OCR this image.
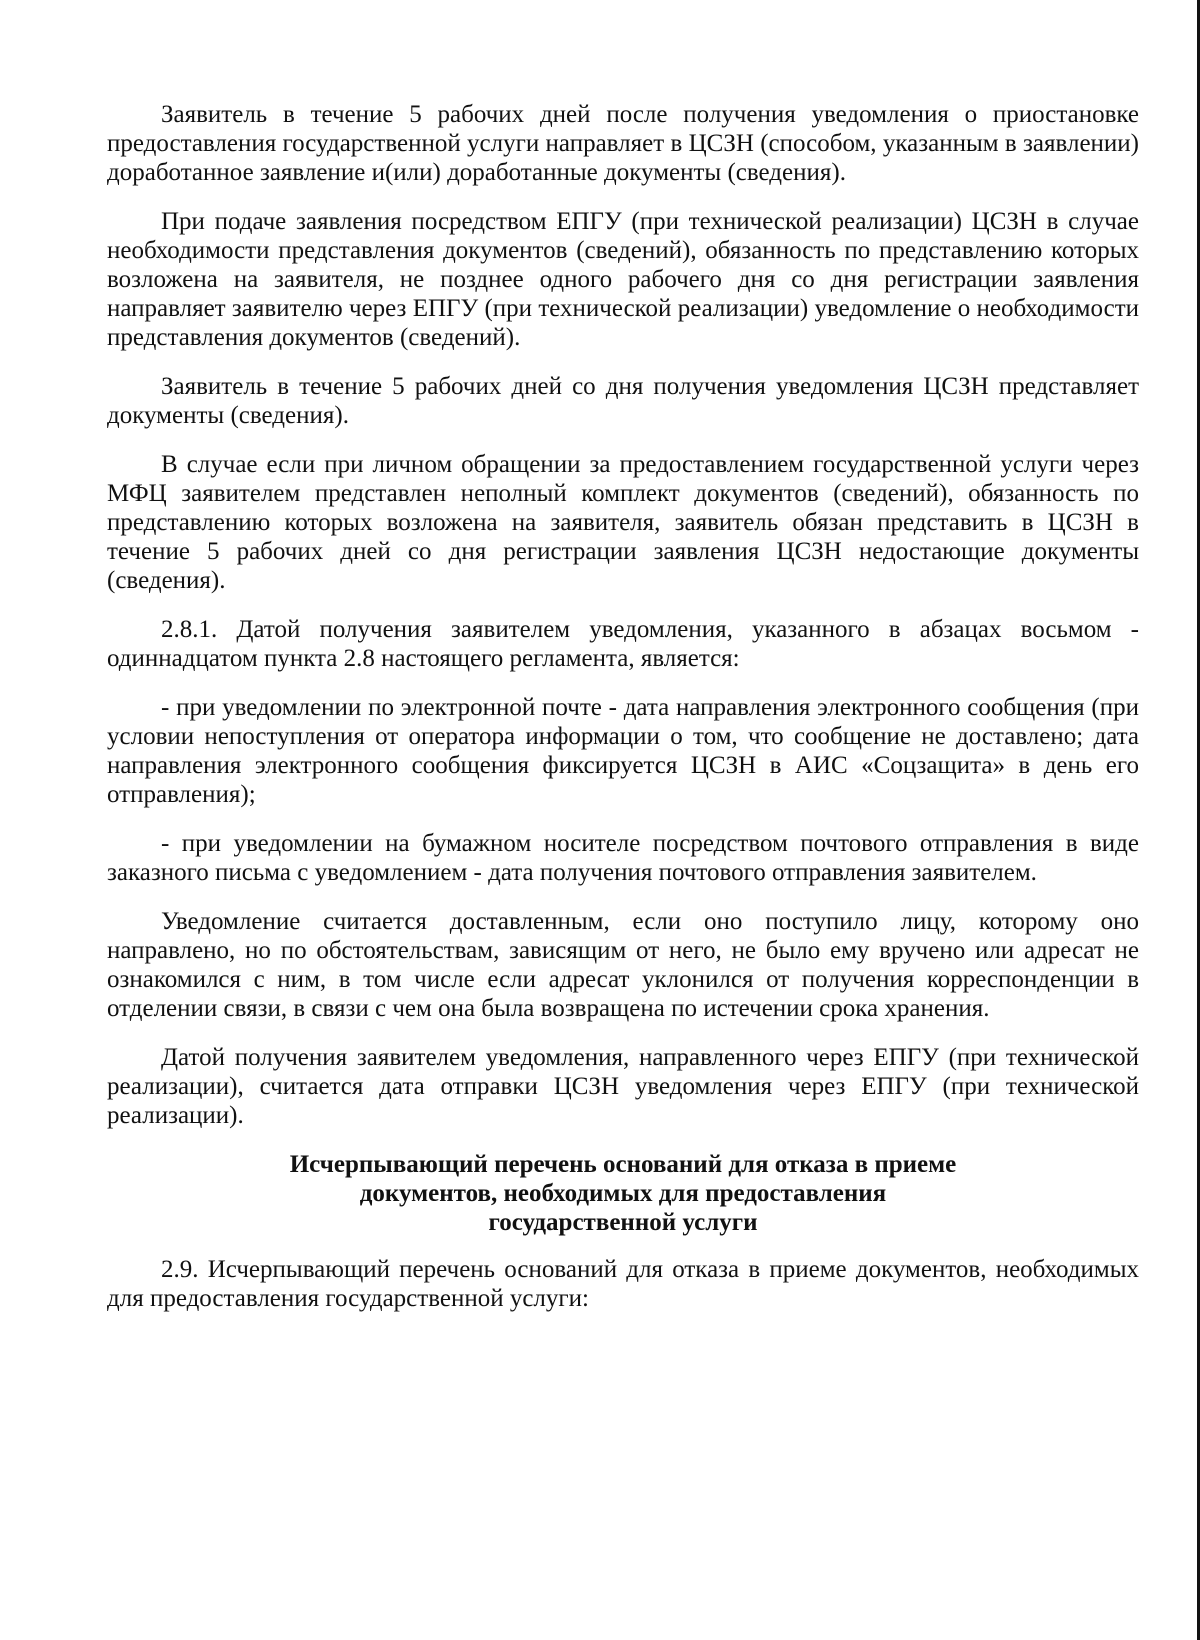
Заявитель в течение 5 рабочих дней после получения уведомления о приостановке предоставления государственной услуги направляет в ЦСЗН (способом, указанным в заявлении) доработанное заявление и(или) доработанные документы (сведения).

При подаче заявления посредством ЕПГУ (при технической реализации) ЦСЗН в случае необходимости представления документов (сведений), обязанность по представлению которых возложена на заявителя, не позднее одного рабочего дня со дня регистрации заявления направляет заявителю через ЕПГУ (при технической реализации) уведомление о необходимости представления документов (сведений).

Заявитель в течение 5 рабочих дней со дня получения уведомления ЦСЗН представляет документы (сведения).

В случае если при личном обращении за предоставлением государственной услуги через МФЦ заявителем представлен неполный комплект документов (сведений), обязанность по представлению которых возложена на заявителя, заявитель обязан представить в ЦСЗН в течение 5 рабочих дней со дня регистрации заявления ЦСЗН недостающие документы (сведения).

2.8.1. Датой получения заявителем уведомления, указанного в абзацах восьмом - одиннадцатом пункта 2.8 настоящего регламента, является:

- при уведомлении по электронной почте - дата направления электронного сообщения (при условии непоступления от оператора информации о том, что сообщение не доставлено; дата направления электронного сообщения фиксируется ЦСЗН в АИС «Соцзащита» в день его отправления);

- при уведомлении на бумажном носителе посредством почтового отправления в виде заказного письма с уведомлением - дата получения почтового отправления заявителем.

Уведомление считается доставленным, если оно поступило лицу, которому оно направлено, но по обстоятельствам, зависящим от него, не было ему вручено или адресат не ознакомился с ним, в том числе если адресат уклонился от получения корреспонденции в отделении связи, в связи с чем она была возвращена по истечении срока хранения.

Датой получения заявителем уведомления, направленного через ЕПГУ (при технической реализации), считается дата отправки ЦСЗН уведомления через ЕПГУ (при технической реализации).

Исчерпывающий перечень оснований для отказа в приеме
документов, необходимых для предоставления
государственной услуги

2.9. Исчерпывающий перечень оснований для отказа в приеме документов, необходимых для предоставления государственной услуги:
